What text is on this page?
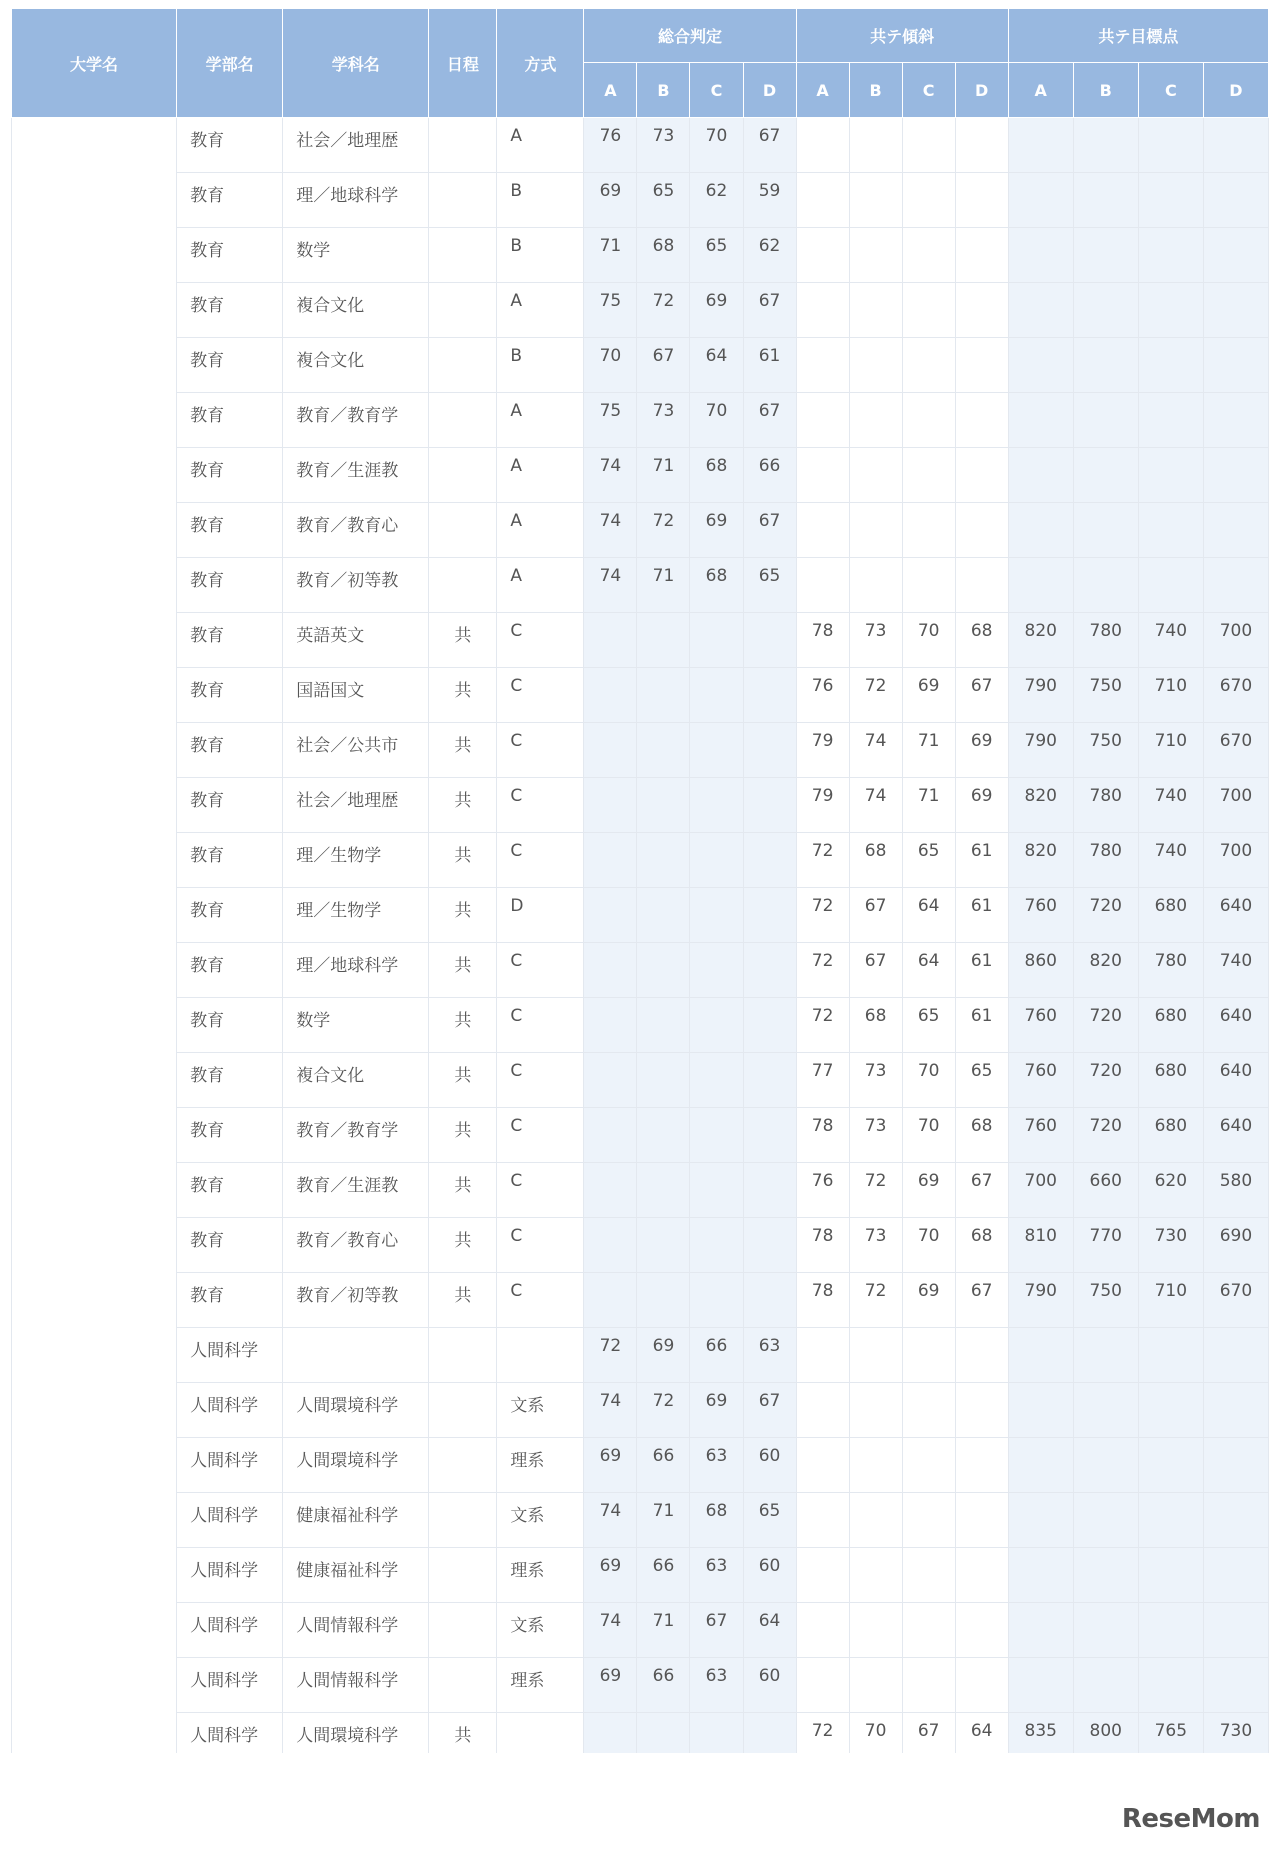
大学名	学部名	学科名	日程	方式	総合判定				共テ傾斜				共テ目標点			
					A	B	C	D	A	B	C	D	A	B	C	D

	教育	社会／地理歴		A	76	73	70	67								

	教育	理／地球科学		B	69	65	62	59								

	教育	数学		B	71	68	65	62								

	教育	複合文化		A	75	72	69	67								

	教育	複合文化		B	70	67	64	61								

	教育	教育／教育学		A	75	73	70	67								

	教育	教育／生涯教		A	74	71	68	66								

	教育	教育／教育心		A	74	72	69	67								

	教育	教育／初等教		A	74	71	68	65								

	教育	英語英文	共	C					78	73	70	68	820	780	740	700

	教育	国語国文	共	C					76	72	69	67	790	750	710	670

	教育	社会／公共市	共	C					79	74	71	69	790	750	710	670

	教育	社会／地理歴	共	C					79	74	71	69	820	780	740	700

	教育	理／生物学	共	C					72	68	65	61	820	780	740	700

	教育	理／生物学	共	D					72	67	64	61	760	720	680	640

	教育	理／地球科学	共	C					72	67	64	61	860	820	780	740

	教育	数学	共	C					72	68	65	61	760	720	680	640

	教育	複合文化	共	C					77	73	70	65	760	720	680	640

	教育	教育／教育学	共	C					78	73	70	68	760	720	680	640

	教育	教育／生涯教	共	C					76	72	69	67	700	660	620	580

	教育	教育／教育心	共	C					78	73	70	68	810	770	730	690

	教育	教育／初等教	共	C					78	72	69	67	790	750	710	670

	人間科学				72	69	66	63								

	人間科学	人間環境科学		文系	74	72	69	67								

	人間科学	人間環境科学		理系	69	66	63	60								

	人間科学	健康福祉科学		文系	74	71	68	65								

	人間科学	健康福祉科学		理系	69	66	63	60								

	人間科学	人間情報科学		文系	74	71	67	64								

	人間科学	人間情報科学		理系	69	66	63	60								

	人間科学	人間環境科学	共						72	70	67	64	835	800	765	730

ReseMom
